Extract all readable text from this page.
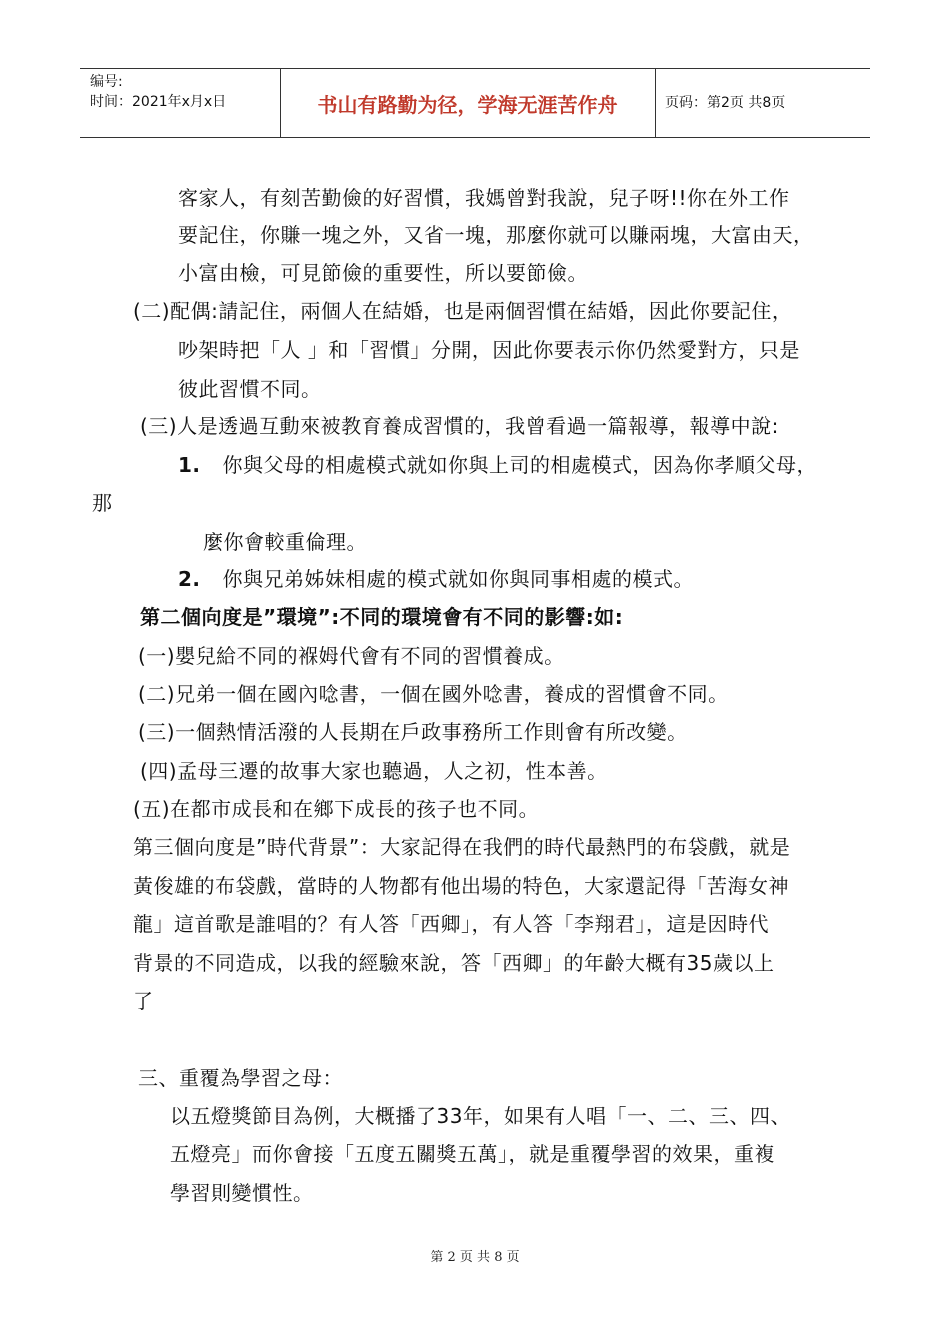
编号:
时间：2021年x月x日	书山有路勤为径，学海无涯苦作舟	页码：第2页 共8页
客家人，有刻苦勤儉的好習慣，我媽曾對我說，兒子呀!!你在外工作
要記住，你賺一塊之外，又省一塊，那麼你就可以賺兩塊，大富由天，
小富由檢，可見節儉的重要性，所以要節儉。
(二)配偶:請記住，兩個人在結婚，也是兩個習慣在結婚，因此你要記住，
吵架時把「人 」和「習慣」分開，因此你要表示你仍然愛對方，只是
彼此習慣不同。
(三)人是透過互動來被教育養成習慣的，我曾看過一篇報導，報導中說:
1. 你與父母的相處模式就如你與上司的相處模式，因為你孝順父母，
那
麼你會較重倫理。
2. 你與兄弟姊妹相處的模式就如你與同事相處的模式。
第二個向度是”環境”:不同的環境會有不同的影響:如:
(一)嬰兒給不同的褓姆代會有不同的習慣養成。
(二)兄弟一個在國內唸書，一個在國外唸書，養成的習慣會不同。
(三)一個熱情活潑的人長期在戶政事務所工作則會有所改變。
(四)孟母三遷的故事大家也聽過，人之初，性本善。
(五)在都市成長和在鄉下成長的孩子也不同。
第三個向度是”時代背景”：大家記得在我們的時代最熱門的布袋戲，就是
黃俊雄的布袋戲，當時的人物都有他出場的特色，大家還記得「苦海女神
龍」這首歌是誰唱的？有人答「西卿」，有人答「李翔君」，這是因時代
背景的不同造成，以我的經驗來說，答「西卿」的年齡大概有35歲以上
了
三、重覆為學習之母：
以五燈獎節目為例，大概播了33年，如果有人唱「一、二、三、四、
五燈亮」而你會接「五度五關獎五萬」，就是重覆學習的效果，重複
學習則變慣性。
第 2 页 共 8 页
